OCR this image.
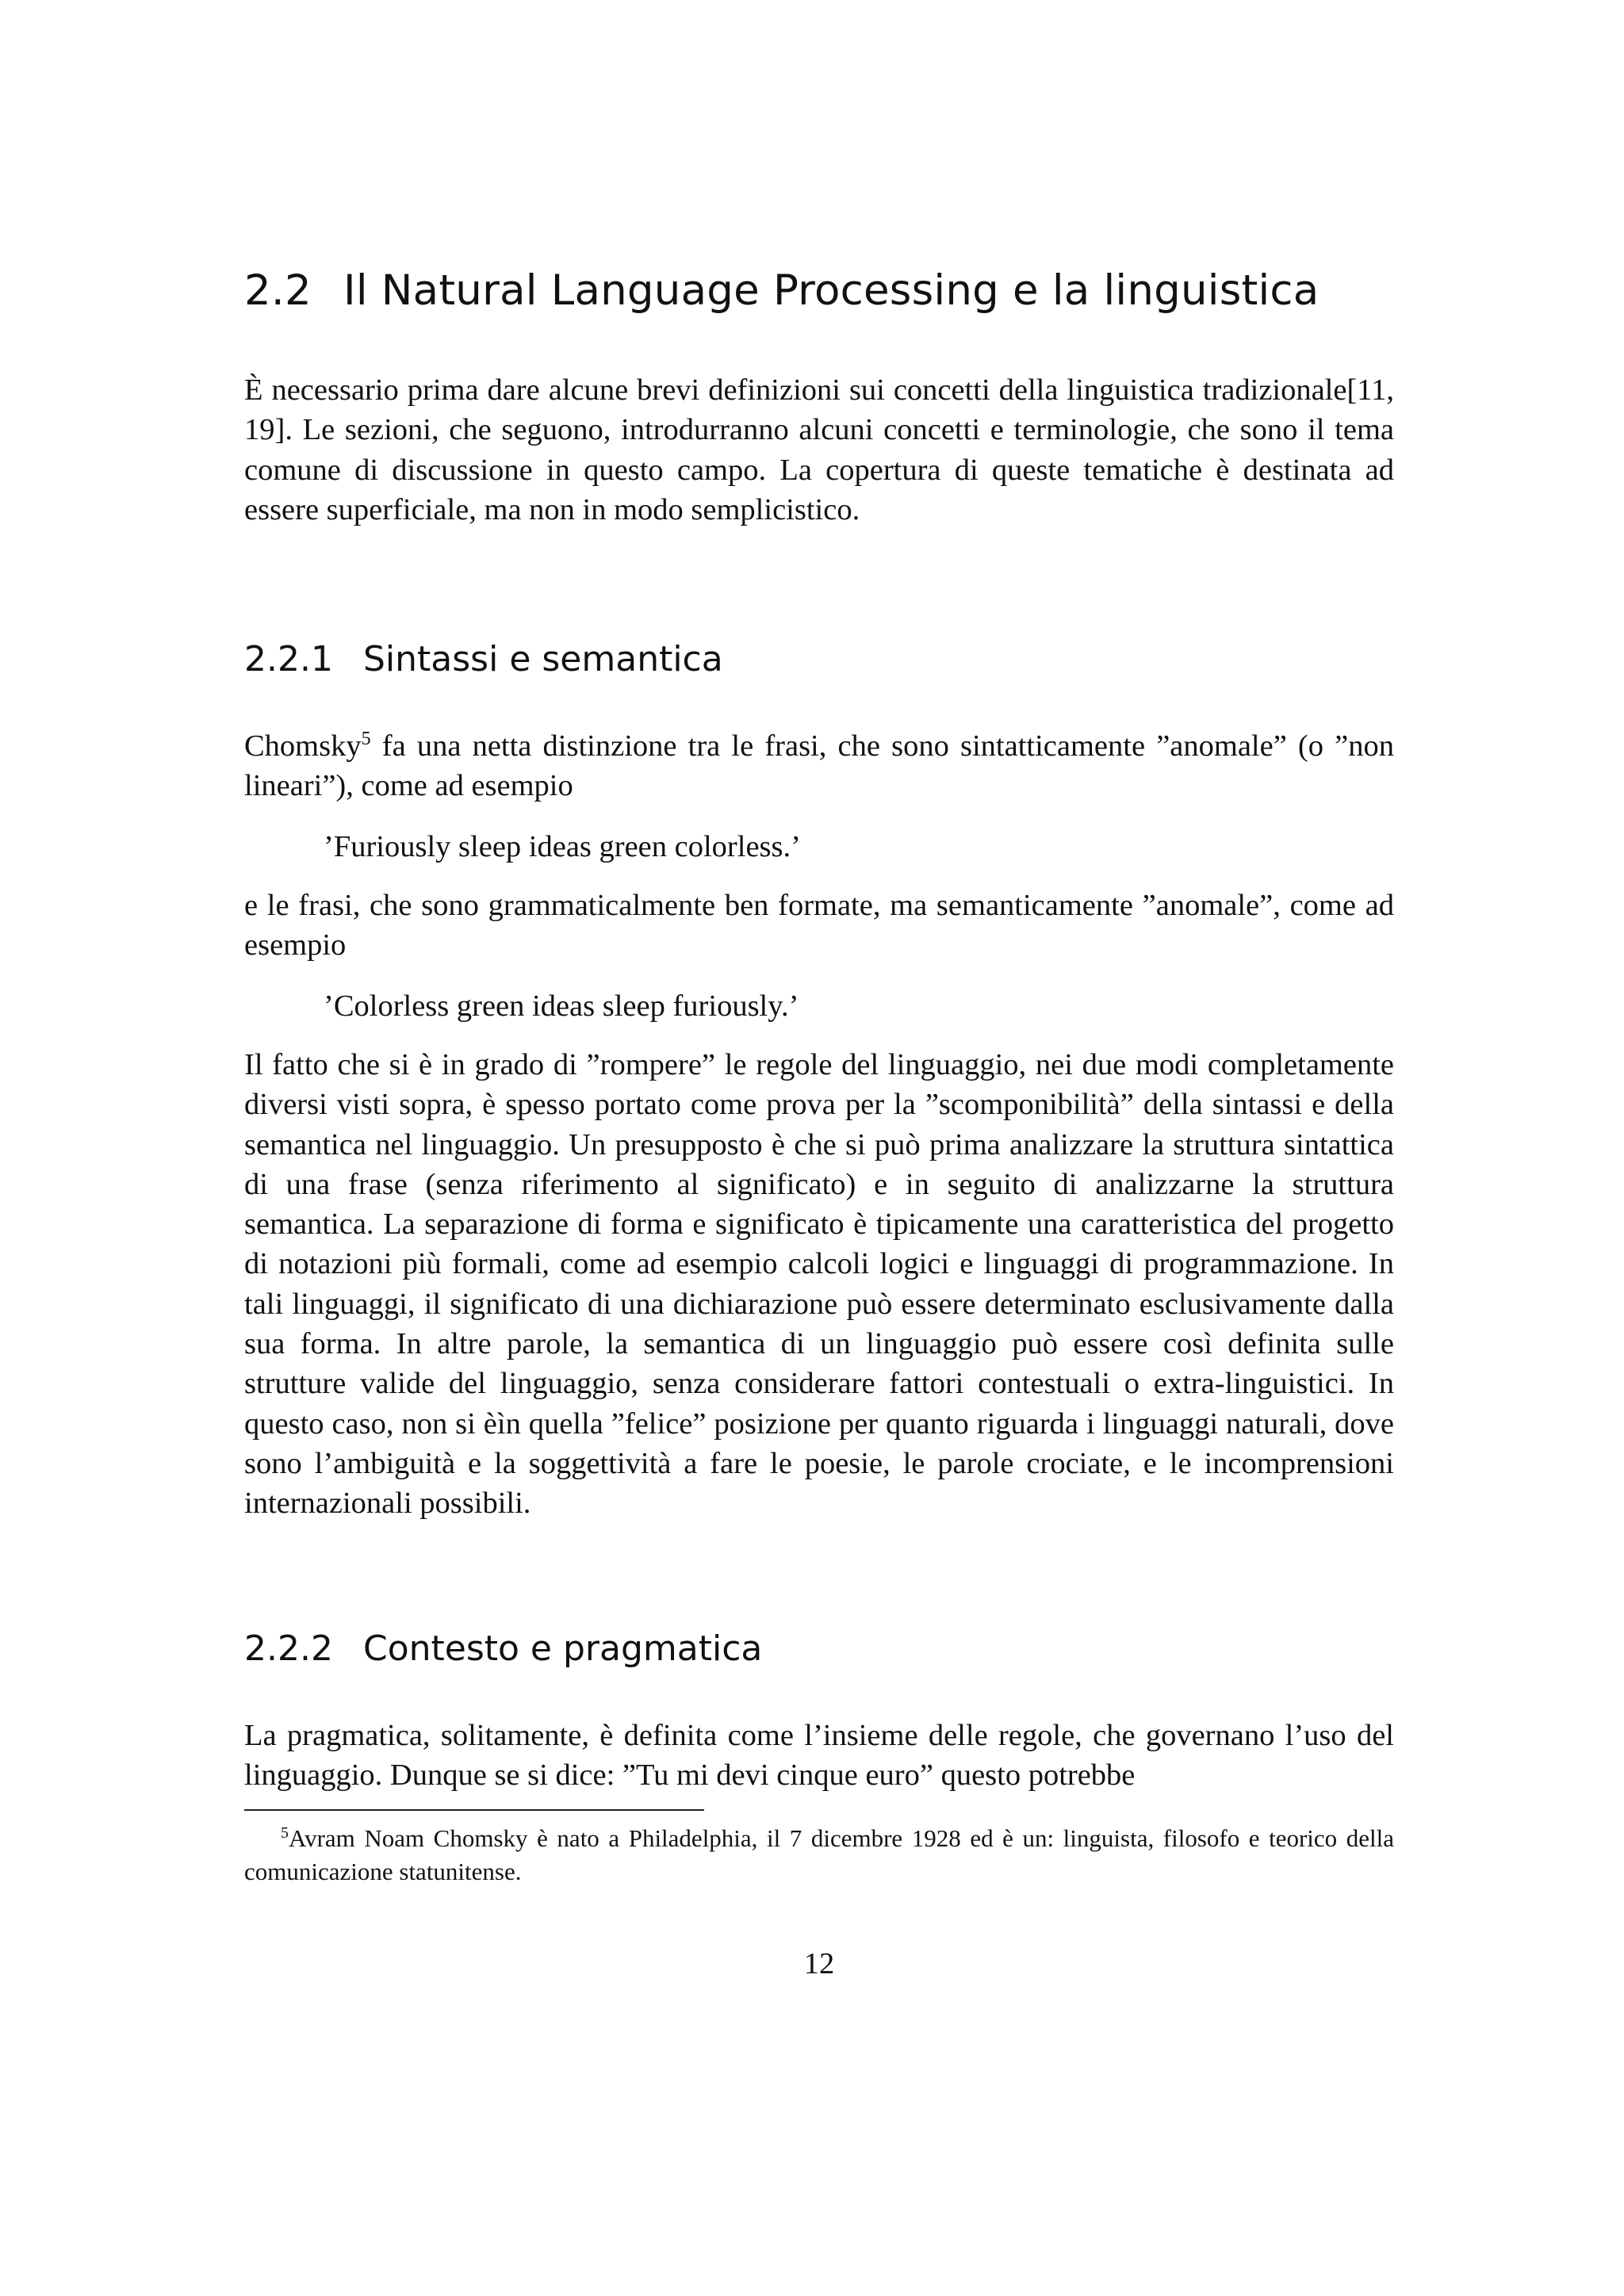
2.2 Il Natural Language Processing e la linguistica

È necessario prima dare alcune brevi definizioni sui concetti della linguistica tradizionale[11, 19]. Le sezioni, che seguono, introdurranno alcuni concetti e terminologie, che sono il tema comune di discussione in questo campo. La copertura di queste tematiche è destinata ad essere superficiale, ma non in modo semplicistico.

2.2.1 Sintassi e semantica

Chomsky$^5$ fa una netta distinzione tra le frasi, che sono sintatticamente ”anomale” (o ”non lineari”), come ad esempio

’Furiously sleep ideas green colorless.’

e le frasi, che sono grammaticalmente ben formate, ma semanticamente ”anomale”, come ad esempio

’Colorless green ideas sleep furiously.’

Il fatto che si è in grado di ”rompere” le regole del linguaggio, nei due modi completamente diversi visti sopra, è spesso portato come prova per la ”scomponibilità” della sintassi e della semantica nel linguaggio. Un presupposto è che si può prima analizzare la struttura sintattica di una frase (senza riferimento al significato) e in seguito di analizzarne la struttura semantica. La separazione di forma e significato è tipicamente una caratteristica del progetto di notazioni più formali, come ad esempio calcoli logici e linguaggi di programmazione. In tali linguaggi, il significato di una dichiarazione può essere determinato esclusivamente dalla sua forma. In altre parole, la semantica di un linguaggio può essere così definita sulle strutture valide del linguaggio, senza considerare fattori contestuali o extra-linguistici. In questo caso, non si èìn quella ”felice” posizione per quanto riguarda i linguaggi naturali, dove sono l’ambiguità e la soggettività a fare le poesie, le parole crociate, e le incomprensioni internazionali possibili.

2.2.2 Contesto e pragmatica

La pragmatica, solitamente, è definita come l’insieme delle regole, che governano l’uso del linguaggio. Dunque se si dice: ”Tu mi devi cinque euro” questo potrebbe

$^5$Avram Noam Chomsky è nato a Philadelphia, il 7 dicembre 1928 ed è un: linguista, filosofo e teorico della comunicazione statunitense.

12
